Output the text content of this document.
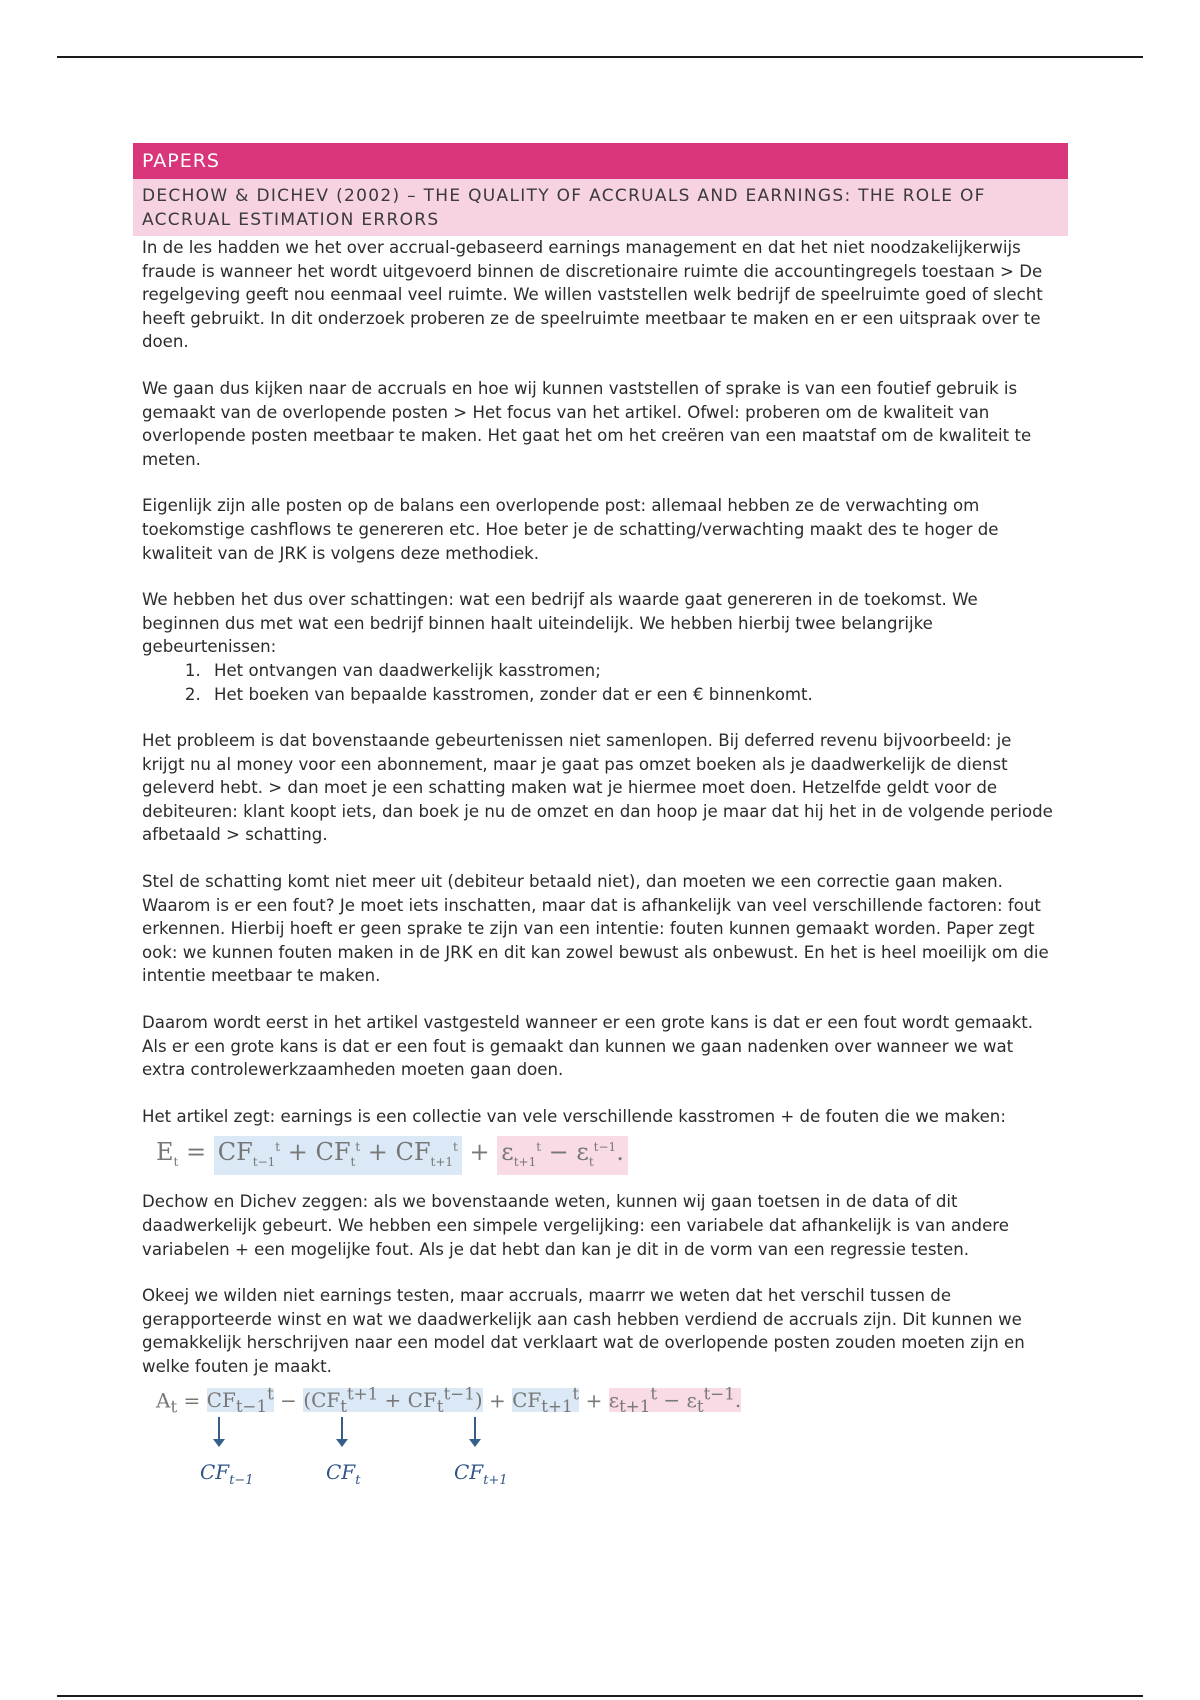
PAPERS
DECHOW & DICHEV (2002) – THE QUALITY OF ACCRUALS AND EARNINGS: THE ROLE OF ACCRUAL ESTIMATION ERRORS

In de les hadden we het over accrual-gebaseerd earnings management en dat het niet noodzakelijkerwijs fraude is wanneer het wordt uitgevoerd binnen de discretionaire ruimte die accountingregels toestaan > De regelgeving geeft nou eenmaal veel ruimte. We willen vaststellen welk bedrijf de speelruimte goed of slecht heeft gebruikt. In dit onderzoek proberen ze de speelruimte meetbaar te maken en er een uitspraak over te doen.

We gaan dus kijken naar de accruals en hoe wij kunnen vaststellen of sprake is van een foutief gebruik is gemaakt van de overlopende posten > Het focus van het artikel. Ofwel: proberen om de kwaliteit van overlopende posten meetbaar te maken. Het gaat het om het creëren van een maatstaf om de kwaliteit te meten.

Eigenlijk zijn alle posten op de balans een overlopende post: allemaal hebben ze de verwachting om toekomstige cashflows te genereren etc. Hoe beter je de schatting/verwachting maakt des te hoger de kwaliteit van de JRK is volgens deze methodiek.

We hebben het dus over schattingen: wat een bedrijf als waarde gaat genereren in de toekomst. We beginnen dus met wat een bedrijf binnen haalt uiteindelijk. We hebben hierbij twee belangrijke gebeurtenissen:

1. Het ontvangen van daadwerkelijk kasstromen;
2. Het boeken van bepaalde kasstromen, zonder dat er een € binnenkomt.

Het probleem is dat bovenstaande gebeurtenissen niet samenlopen. Bij deferred revenu bijvoorbeeld: je krijgt nu al money voor een abonnement, maar je gaat pas omzet boeken als je daadwerkelijk de dienst geleverd hebt. > dan moet je een schatting maken wat je hiermee moet doen. Hetzelfde geldt voor de debiteuren: klant koopt iets, dan boek je nu de omzet en dan hoop je maar dat hij het in de volgende periode afbetaald > schatting.

Stel de schatting komt niet meer uit (debiteur betaald niet), dan moeten we een correctie gaan maken. Waarom is er een fout? Je moet iets inschatten, maar dat is afhankelijk van veel verschillende factoren: fout erkennen. Hierbij hoeft er geen sprake te zijn van een intentie: fouten kunnen gemaakt worden. Paper zegt ook: we kunnen fouten maken in de JRK en dit kan zowel bewust als onbewust. En het is heel moeilijk om die intentie meetbaar te maken.

Daarom wordt eerst in het artikel vastgesteld wanneer er een grote kans is dat er een fout wordt gemaakt. Als er een grote kans is dat er een fout is gemaakt dan kunnen we gaan nadenken over wanneer we wat extra controlewerkzaamheden moeten gaan doen.

Het artikel zegt: earnings is een collectie van vele verschillende kasstromen + de fouten die we maken:

$E_t = CF_{t-1}^t + CF_t^t + CF_{t+1}^t + \varepsilon_{t+1}^t - \varepsilon_t^{t-1}$.

Dechow en Dichev zeggen: als we bovenstaande weten, kunnen wij gaan toetsen in de data of dit daadwerkelijk gebeurt. We hebben een simpele vergelijking: een variabele dat afhankelijk is van andere variabelen + een mogelijke fout. Als je dat hebt dan kan je dit in de vorm van een regressie testen.

Okeej we wilden niet earnings testen, maar accruals, maarrr we weten dat het verschil tussen de gerapporteerde winst en wat we daadwerkelijk aan cash hebben verdiend de accruals zijn. Dit kunnen we gemakkelijk herschrijven naar een model dat verklaart wat de overlopende posten zouden moeten zijn en welke fouten je maakt.

$A_t = CF_{t-1}^t - (CF_t^{t+1} + CF_t^{t-1}) + CF_{t+1}^t + \varepsilon_{t+1}^t - \varepsilon_t^{t-1}$.
$CF_{t-1}$	$CF_t$	$CF_{t+1}$
